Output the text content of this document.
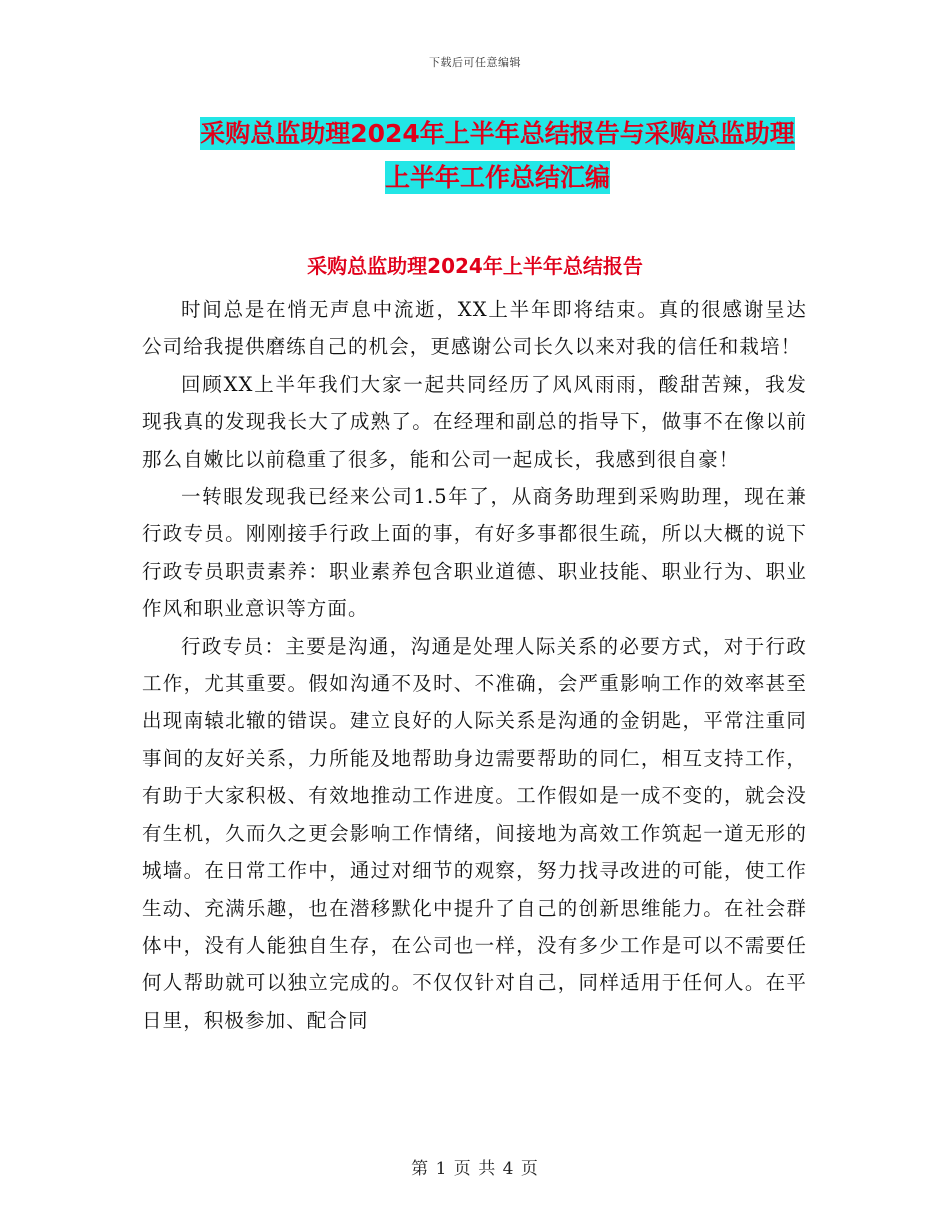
下载后可任意编辑
采购总监助理2024年上半年总结报告与采购总监助理
上半年工作总结汇编
采购总监助理2024年上半年总结报告

时间总是在悄无声息中流逝，XX上半年即将结束。真的很感谢呈达公司给我提供磨练自己的机会，更感谢公司长久以来对我的信任和栽培！

回顾XX上半年我们大家一起共同经历了风风雨雨，酸甜苦辣，我发现我真的发现我长大了成熟了。在经理和副总的指导下，做事不在像以前那么自嫩比以前稳重了很多，能和公司一起成长，我感到很自豪！

一转眼发现我已经来公司1.5年了，从商务助理到采购助理，现在兼行政专员。刚刚接手行政上面的事，有好多事都很生疏，所以大概的说下行政专员职责素养：职业素养包含职业道德、职业技能、职业行为、职业作风和职业意识等方面。

行政专员：主要是沟通，沟通是处理人际关系的必要方式，对于行政工作，尤其重要。假如沟通不及时、不准确，会严重影响工作的效率甚至出现南辕北辙的错误。建立良好的人际关系是沟通的金钥匙，平常注重同事间的友好关系，力所能及地帮助身边需要帮助的同仁，相互支持工作，有助于大家积极、有效地推动工作进度。工作假如是一成不变的，就会没有生机，久而久之更会影响工作情绪，间接地为高效工作筑起一道无形的城墙。在日常工作中，通过对细节的观察，努力找寻改进的可能，使工作生动、充满乐趣，也在潜移默化中提升了自己的创新思维能力。在社会群体中，没有人能独自生存，在公司也一样，没有多少工作是可以不需要任何人帮助就可以独立完成的。不仅仅针对自己，同样适用于任何人。在平日里，积极参加、配合同

第 1 页 共 4 页
